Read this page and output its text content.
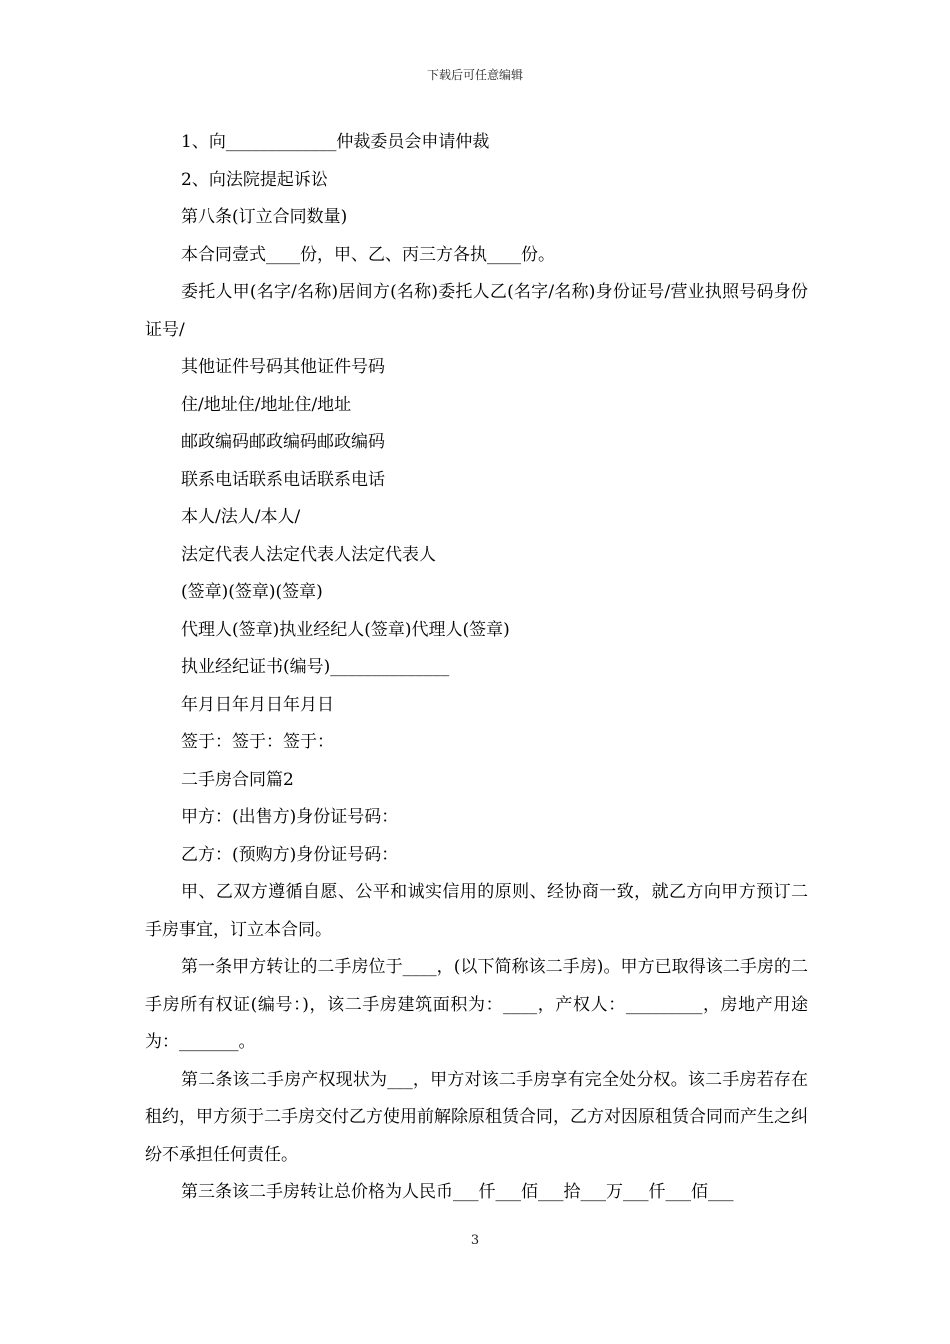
下载后可任意编辑
1、向_____________仲裁委员会申请仲裁
2、向法院提起诉讼
第八条(订立合同数量)
本合同壹式____份，甲、乙、丙三方各执____份。
委托人甲(名字/名称)居间方(名称)委托人乙(名字/名称)身份证号/营业执照号码身份证号/
其他证件号码其他证件号码
住/地址住/地址住/地址
邮政编码邮政编码邮政编码
联系电话联系电话联系电话
本人/法人/本人/
法定代表人法定代表人法定代表人
(签章)(签章)(签章)
代理人(签章)执业经纪人(签章)代理人(签章)
执业经纪证书(编号)______________
年月日年月日年月日
签于：签于：签于：
二手房合同篇2
甲方：(出售方)身份证号码：
乙方：(预购方)身份证号码：
甲、乙双方遵循自愿、公平和诚实信用的原则、经协商一致，就乙方向甲方预订二手房事宜，订立本合同。
第一条甲方转让的二手房位于____，(以下简称该二手房)。甲方已取得该二手房的二手房所有权证(编号：)，该二手房建筑面积为：____，产权人：_________，房地产用途为：_______。
第二条该二手房产权现状为___，甲方对该二手房享有完全处分权。该二手房若存在租约，甲方须于二手房交付乙方使用前解除原租赁合同，乙方对因原租赁合同而产生之纠纷不承担任何责任。
第三条该二手房转让总价格为人民币___仟___佰___拾___万___仟___佰___
3
